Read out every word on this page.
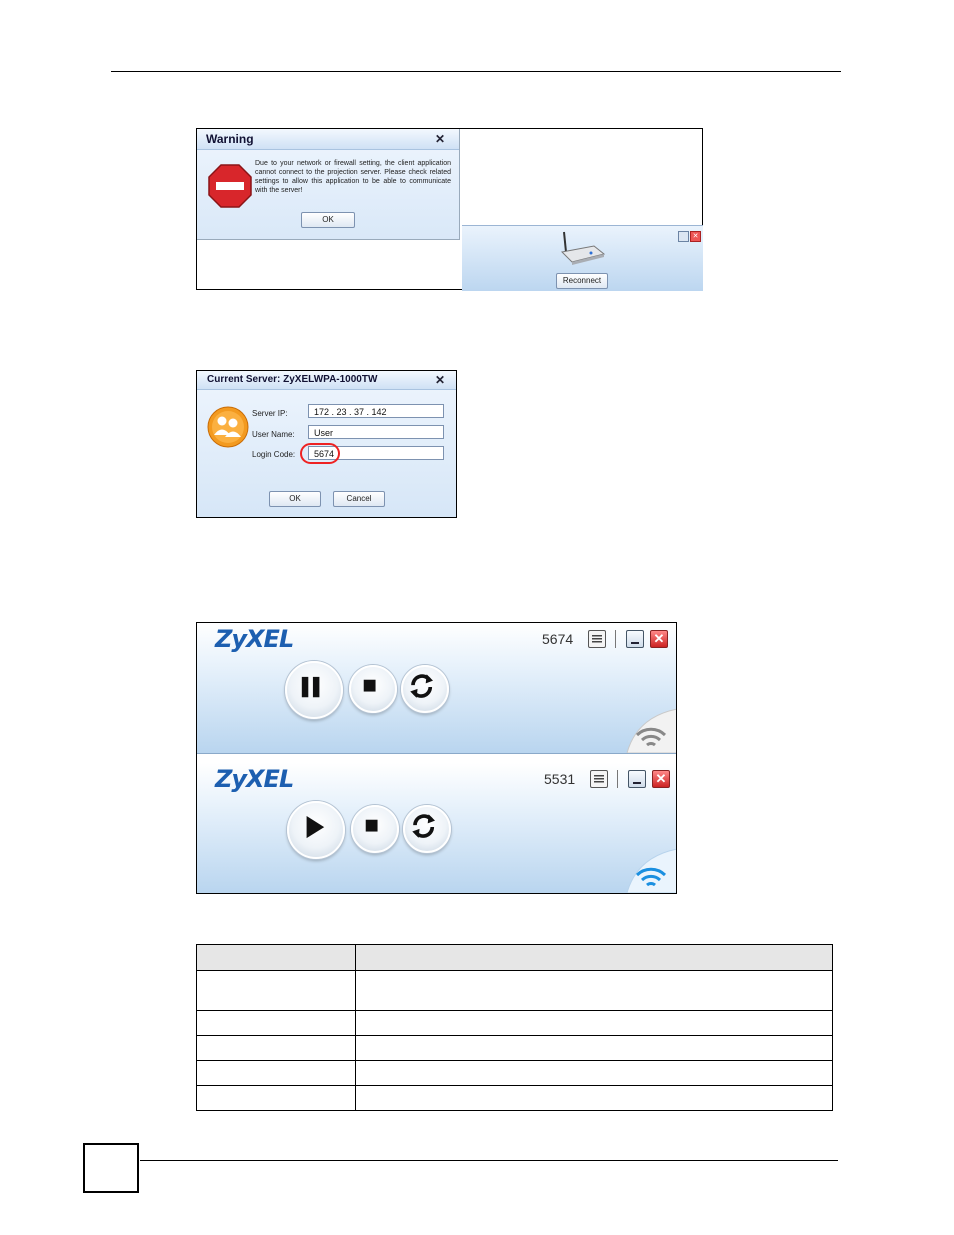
Warning	✕
Due to your network or firewall setting, the client application cannot connect to the projection server. Please check related settings to allow this application to be able to communicate with the server!
OK
Reconnect
✕
Current Server: ZyXELWPA-1000TW	✕
Server IP:	172 . 23 . 37 . 142
User Name:	User
Login Code:	5674
OK	Cancel
ZyXEL	5674	✕
ZyXEL	5531	✕
